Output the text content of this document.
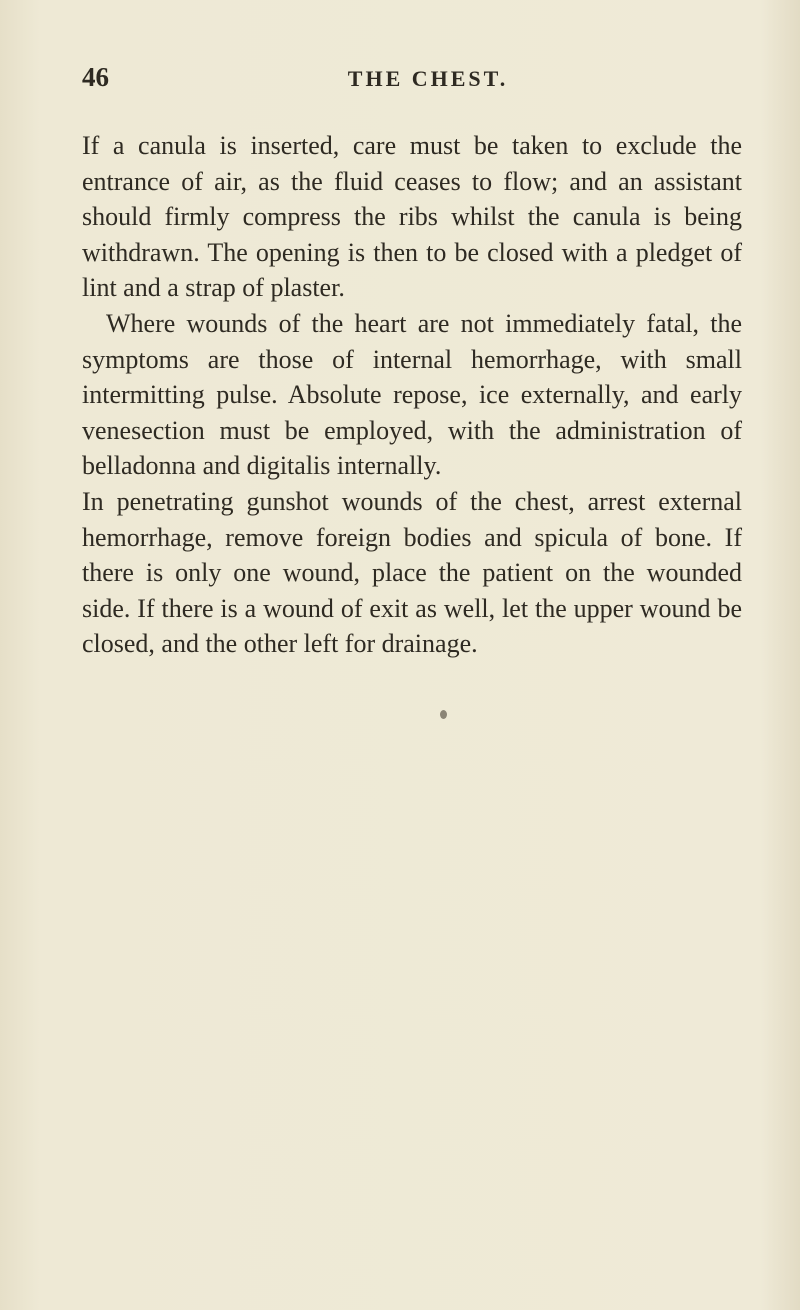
46	THE CHEST.

If a canula is inserted, care must be taken to exclude the entrance of air, as the fluid ceases to flow; and an assistant should firmly compress the ribs whilst the canula is being withdrawn. The opening is then to be closed with a pledget of lint and a strap of plaster.

Where wounds of the heart are not immediately fatal, the symptoms are those of internal hemorrhage, with small intermitting pulse. Absolute repose, ice externally, and early venesection must be employed, with the administration of belladonna and digitalis internally.

In penetrating gunshot wounds of the chest, arrest external hemorrhage, remove foreign bodies and spicula of bone. If there is only one wound, place the patient on the wounded side. If there is a wound of exit as well, let the upper wound be closed, and the other left for drainage.
